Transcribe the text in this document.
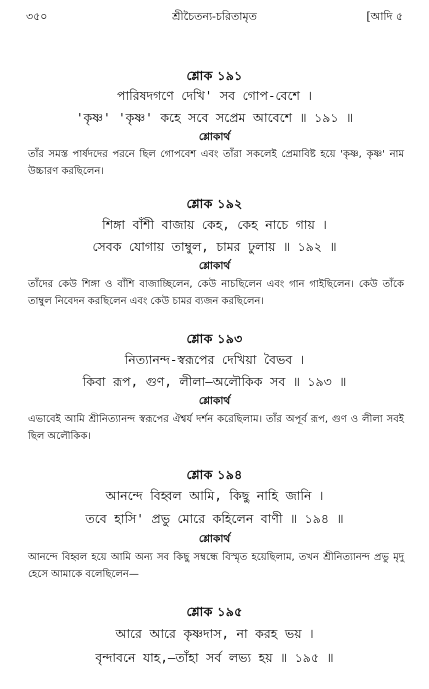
৩৫০	শ্রীচৈতন্য-চরিতামৃত	[আদি ৫
শ্লোক ১৯১
পারিষদগণে দেখি' সব গোপ-বেশে ।
'কৃষ্ণ' 'কৃষ্ণ' কহে সবে সপ্রেম আবেশে ॥ ১৯১ ॥
শ্লোকার্থ
তাঁর সমস্ত পার্ষদদের পরনে ছিল গোপবেশ এবং তাঁরা সকলেই প্রেমাবিষ্ট হয়ে 'কৃষ্ণ, কৃষ্ণ' নাম উচ্চারণ করছিলেন।
শ্লোক ১৯২
শিঙ্গা বাঁশী বাজায় কেহ, কেহ নাচে গায় ।
সেবক যোগায় তাম্বুল, চামর ঢুলায় ॥ ১৯২ ॥
শ্লোকার্থ
তাঁদের কেউ শিঙ্গা ও বাঁশি বাজাচ্ছিলেন, কেউ নাচছিলেন এবং গান গাইছিলেন। কেউ তাঁকে তাম্বুল নিবেদন করছিলেন এবং কেউ চামর ব্যজন করছিলেন।
শ্লোক ১৯৩
নিত্যানন্দ-স্বরূপের দেখিয়া বৈভব ।
কিবা রূপ, গুণ, লীলা—অলৌকিক সব ॥ ১৯৩ ॥
শ্লোকার্থ
এভাবেই আমি শ্রীনিত্যানন্দ স্বরূপের ঐশ্বর্য দর্শন করেছিলাম। তাঁর অপূর্ব রূপ, গুণ ও লীলা সবই ছিল অলৌকিক।
শ্লোক ১৯৪
আনন্দে বিহ্বল আমি, কিছু নাহি জানি ।
তবে হাসি' প্রভু মোরে কহিলেন বাণী ॥ ১৯৪ ॥
শ্লোকার্থ
আনন্দে বিহ্বল হয়ে আমি অন্য সব কিছু সম্বন্ধে বিস্মৃত হয়েছিলাম, তখন শ্রীনিত্যানন্দ প্রভু মৃদু হেসে আমাকে বলেছিলেন—
শ্লোক ১৯৫
আরে আরে কৃষ্ণদাস, না করহ ভয় ।
বৃন্দাবনে যাহ,—তাঁহা সর্ব লভ্য হয় ॥ ১৯৫ ॥
